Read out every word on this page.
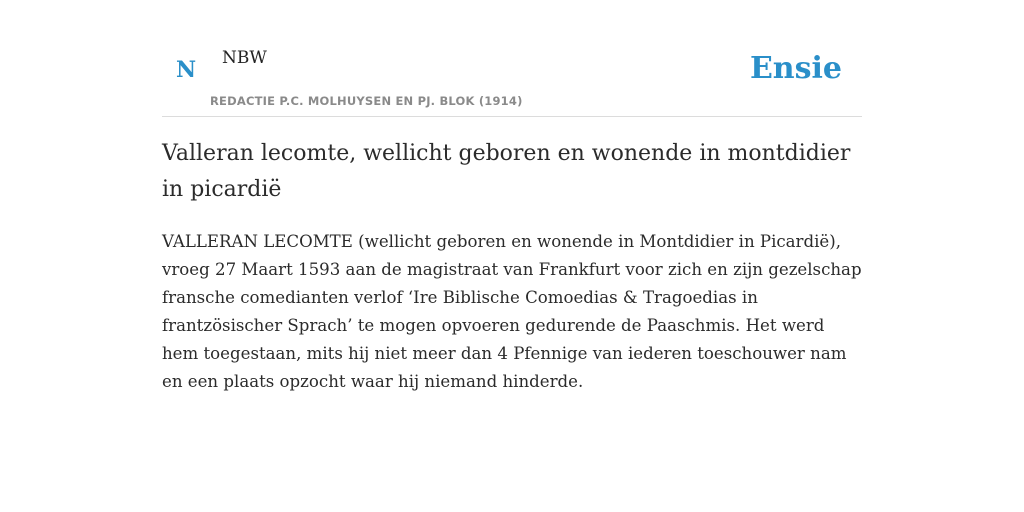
N NBW
REDACTIE P.C. MOLHUYSEN EN PJ. BLOK (1914)
Ensie
Valleran lecomte, wellicht geboren en wonende in montdidier in picardië

VALLERAN LECOMTE (wellicht geboren en wonende in Montdidier in Picardië), vroeg 27 Maart 1593 aan de magistraat van Frankfurt voor zich en zijn gezelschap fransche comedianten verlof ‘Ire Biblische Comoedias & Tragoedias in frantzösischer Sprach’ te mogen opvoeren gedurende de Paaschmis. Het werd hem toegestaan, mits hij niet meer dan 4 Pfennige van iederen toeschouwer nam en een plaats opzocht waar hij niemand hinderde.
